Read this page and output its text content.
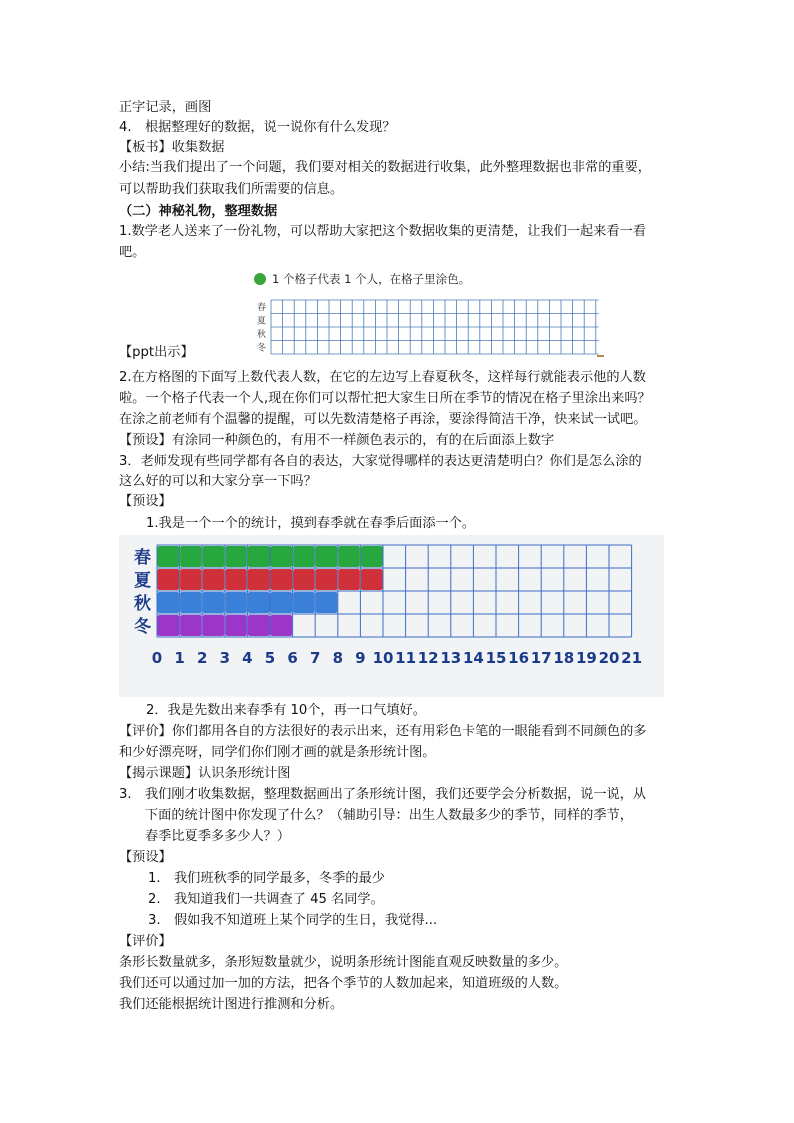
正字记录，画图
4. 根据整理好的数据，说一说你有什么发现？
【板书】收集数据
小结:当我们提出了一个问题，我们要对相关的数据进行收集，此外整理数据也非常的重要，
可以帮助我们获取我们所需要的信息。
（二）神秘礼物，整理数据
1.数学老人送来了一份礼物，可以帮助大家把这个数据收集的更清楚，让我们一起来看一看
吧。
1 个格子代表 1 个人，在格子里涂色。
春
夏
秋
冬
【ppt出示】
2.在方格图的下面写上数代表人数，在它的左边写上春夏秋冬，这样每行就能表示他的人数
啦。一个格子代表一个人,现在你们可以帮忙把大家生日所在季节的情况在格子里涂出来吗？
在涂之前老师有个温馨的提醒，可以先数清楚格子再涂，要涂得简洁干净，快来试一试吧。
【预设】有涂同一种颜色的，有用不一样颜色表示的，有的在后面添上数字
3．老师发现有些同学都有各自的表达，大家觉得哪样的表达更清楚明白？你们是怎么涂的
这么好的可以和大家分享一下吗？
【预设】
1.我是一个一个的统计，摸到春季就在春季后面添一个。
春
夏
秋
冬
0 1 2 3 4 5 6 7 8 9 10 11 12 13 14 15 16 17 18 19 20 21
2．我是先数出来春季有 10个，再一口气填好。
【评价】你们都用各自的方法很好的表示出来，还有用彩色卡笔的一眼能看到不同颜色的多
和少好漂亮呀，同学们你们刚才画的就是条形统计图。
【揭示课题】认识条形统计图
3. 我们刚才收集数据，整理数据画出了条形统计图，我们还要学会分析数据，说一说，从
下面的统计图中你发现了什么？（辅助引导：出生人数最多少的季节，同样的季节，
春季比夏季多多少人？）
【预设】
1. 我们班秋季的同学最多，冬季的最少
2. 我知道我们一共调查了 45 名同学。
3. 假如我不知道班上某个同学的生日，我觉得...
【评价】
条形长数量就多，条形短数量就少，说明条形统计图能直观反映数量的多少。
我们还可以通过加一加的方法，把各个季节的人数加起来，知道班级的人数。
我们还能根据统计图进行推测和分析。
